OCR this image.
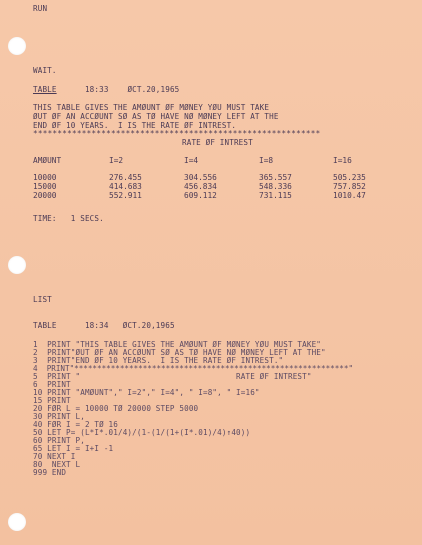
RUN
WAIT.
TABLE	18:33 ØCT.20,1965
THIS TABLE GIVES THE AMØUNT ØF MØNEY YØU MUST TAKE
ØUT ØF AN ACCØUNT SØ AS TØ HAVE NØ MØNEY LEFT AT THE
END ØF 10 YEARS.  I IS THE RATE ØF INTREST.
***********************************************************
RATE ØF INTREST
AMØUNT	I=2	I=4	I=8	I=16
10000	276.455	304.556	365.557	505.235
15000	414.683	456.834	548.336	757.852
20000	552.911	609.112	731.115	1010.47
TIME:   1 SECS.
LIST
TABLE	18:34 ØCT.20,1965
1  PRINT "THIS TABLE GIVES THE AMØUNT ØF MØNEY YØU MUST TAKE"
2  PRINT"ØUT ØF AN ACCØUNT SØ AS TØ HAVE NØ MØNEY LEFT AT THE"
3  PRINT"END ØF 10 YEARS.  I IS THE RATE ØF INTREST."
4  PRINT"************************************************************"
5  PRINT "                                 RATE ØF INTREST"
6  PRINT
10 PRINT "AMØUNT"," I=2"," I=4", " I=8", " I=16"
15 PRINT
20 FØR L = 10000 TØ 20000 STEP 5000
30 PRINT L,
40 FØR I = 2 TØ 16
50 LET P= (L*I*.01/4)/(1-(1/(1+(I*.01)/4)↑40))
60 PRINT P,
65 LET I = I+I -1
70 NEXT I
80  NEXT L
999 END
